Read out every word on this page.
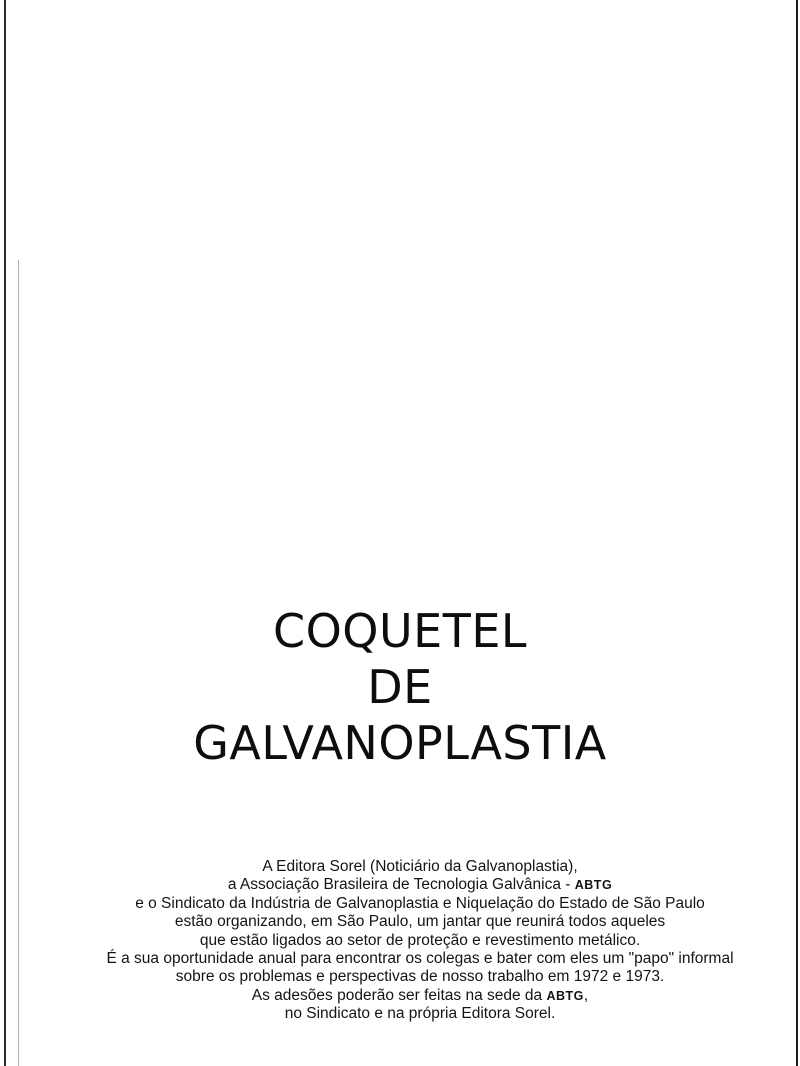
COQUETEL
DE
GALVANOPLASTIA
A Editora Sorel (Noticiário da Galvanoplastia),
a Associação Brasileira de Tecnologia Galvânica - ABTG
e o Sindicato da Indústria de Galvanoplastia e Niquelação do Estado de São Paulo
estão organizando, em São Paulo, um jantar que reunirá todos aqueles
que estão ligados ao setor de proteção e revestimento metálico.
É a sua oportunidade anual para encontrar os colegas e bater com eles um "papo" informal
sobre os problemas e perspectivas de nosso trabalho em 1972 e 1973.
As adesões poderão ser feitas na sede da ABTG,
no Sindicato e na própria Editora Sorel.
